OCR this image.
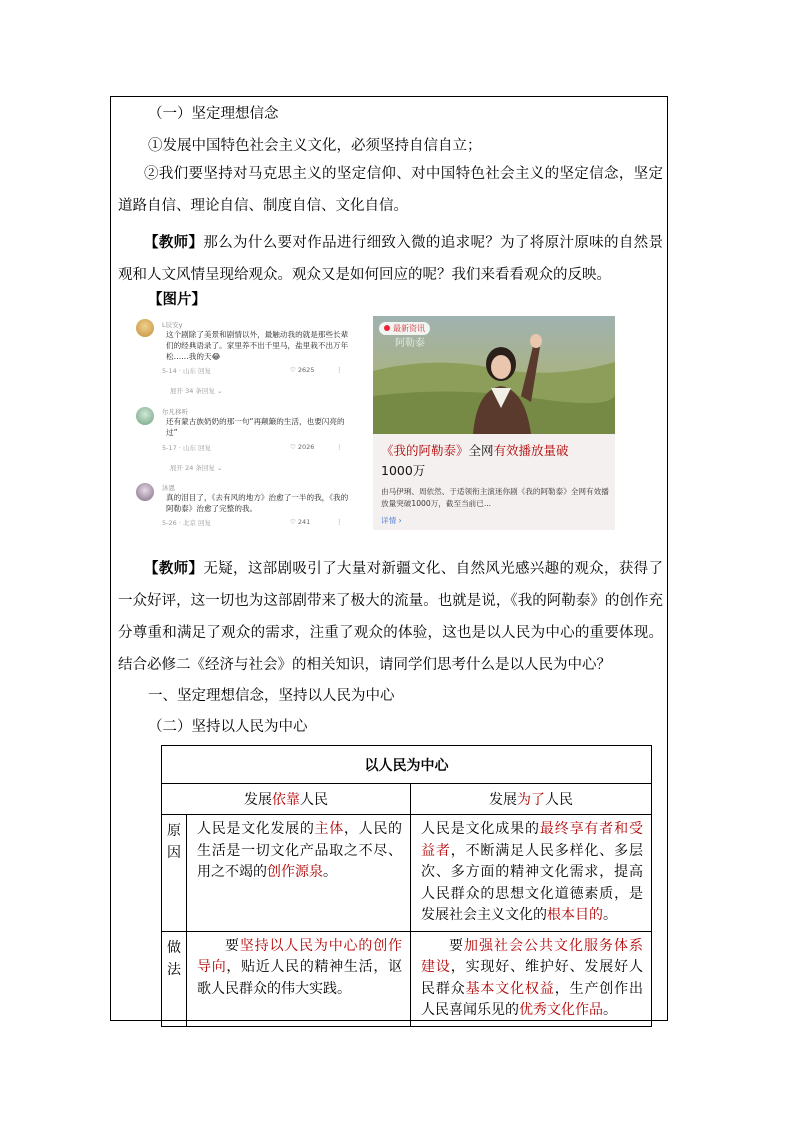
（一）坚定理想信念
①发展中国特色社会主义文化，必须坚持自信自立；
②我们要坚持对马克思主义的坚定信仰、对中国特色社会主义的坚定信念，坚定道路自信、理论自信、制度自信、文化自信。
【教师】那么为什么要对作品进行细致入微的追求呢？为了将原汁原味的自然景观和人文风情呈现给观众。观众又是如何回应的呢？我们来看看观众的反映。
【图片】
L辰安y
这个剧除了美景和剧情以外，最触动我的就是那些长辈们的经典语录了。家里养不出千里马，盐里栽不出万年松……我的天😂
5-14 · 山东 回复	♡ 2625	⋮
展开 34 条回复 ⌄
尔凡移听
还有蒙古族奶奶的那一句“再颠簸的生活，也要闪亮的过”
5-17 · 山东 回复	♡ 2026	⋮
展开 24 条回复 ⌄
沐恩
真的泪目了，《去有风的地方》治愈了一半的我，《我的阿勒泰》治愈了完整的我。
5-26 · 北京 回复	♡ 241	⋮
最新资讯
阿勒泰
《我的阿勒泰》全网有效播放量破
1000万
由马伊琍、周依然、于适领衔主演迷你剧《我的阿勒泰》全网有效播放量突破1000万，截至当前已...
详情 ›
【教师】无疑，这部剧吸引了大量对新疆文化、自然风光感兴趣的观众，获得了一众好评，这一切也为这部剧带来了极大的流量。也就是说，《我的阿勒泰》的创作充分尊重和满足了观众的需求，注重了观众的体验，这也是以人民为中心的重要体现。结合必修二《经济与社会》的相关知识，请同学们思考什么是以人民为中心？
一、坚定理想信念，坚持以人民为中心
（二）坚持以人民为中心
以人民为中心		
发展依靠人民		发展为了人民
原因	人民是文化发展的主体，人民的生活是一切文化产品取之不尽、用之不竭的创作源泉。	人民是文化成果的最终享有者和受益者，不断满足人民多样化、多层次、多方面的精神文化需求，提高人民群众的思想文化道德素质，是发展社会主义文化的根本目的。
做法	要坚持以人民为中心的创作导向，贴近人民的精神生活，讴歌人民群众的伟大实践。	要加强社会公共文化服务体系建设，实现好、维护好、发展好人民群众基本文化权益，生产创作出人民喜闻乐见的优秀文化作品。
